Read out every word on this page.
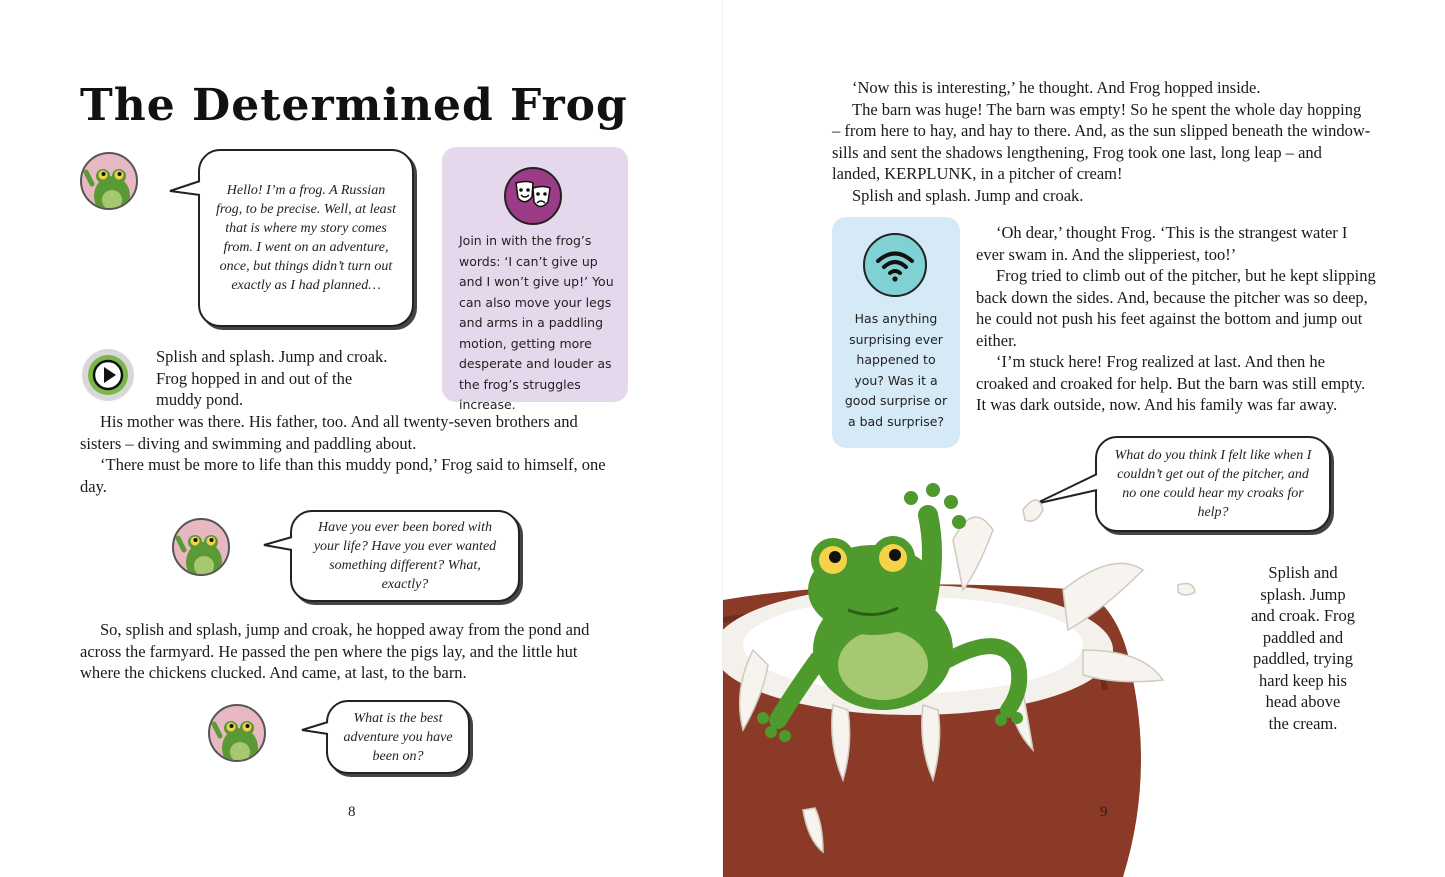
The Determined Frog
Hello! I’m a frog. A Russian frog, to be precise. Well, at least that is where my story comes from. I went on an adventure, once, but things didn’t turn out exactly as I had planned…
Join in with the frog’s words: ‘I can’t give up and I won’t give up!’ You can also move your legs and arms in a paddling motion, getting more desperate and louder as the frog’s struggles increase.
Splish and splash. Jump and croak.
Frog hopped in and out of the
muddy pond.

His mother was there. His father, too. And all twenty-seven brothers and sisters – diving and swimming and paddling about.

‘There must be more to life than this muddy pond,’ Frog said to himself, one day.

Have you ever been bored with your life? Have you ever wanted something different? What, exactly?

So, splish and splash, jump and croak, he hopped away from the pond and across the farmyard. He passed the pen where the pigs lay, and the little hut where the chickens clucked. And came, at last, to the barn.

What is the best adventure you have been on?
8

‘Now this is interesting,’ he thought. And Frog hopped inside.

The barn was huge! The barn was empty! So he spent the whole day hopping – from here to hay, and hay to there. And, as the sun slipped beneath the window-sills and sent the shadows lengthening, Frog took one last, long leap – and landed, KERPLUNK, in a pitcher of cream!

Splish and splash. Jump and croak.

Has anything surprising ever happened to you? Was it a good surprise or a bad surprise?

‘Oh dear,’ thought Frog. ‘This is the strangest water I ever swam in. And the slipperiest, too!’

Frog tried to climb out of the pitcher, but he kept slipping back down the sides. And, because the pitcher was so deep, he could not push his feet against the bottom and jump out either.

‘I’m stuck here! Frog realized at last. And then he croaked and croaked for help. But the barn was still empty. It was dark outside, now. And his family was far away.

What do you think I felt like when I couldn’t get out of the pitcher, and no one could hear my croaks for help?
Splish and
splash. Jump
and croak. Frog
paddled and
paddled, trying
hard keep his
head above
the cream.
9
